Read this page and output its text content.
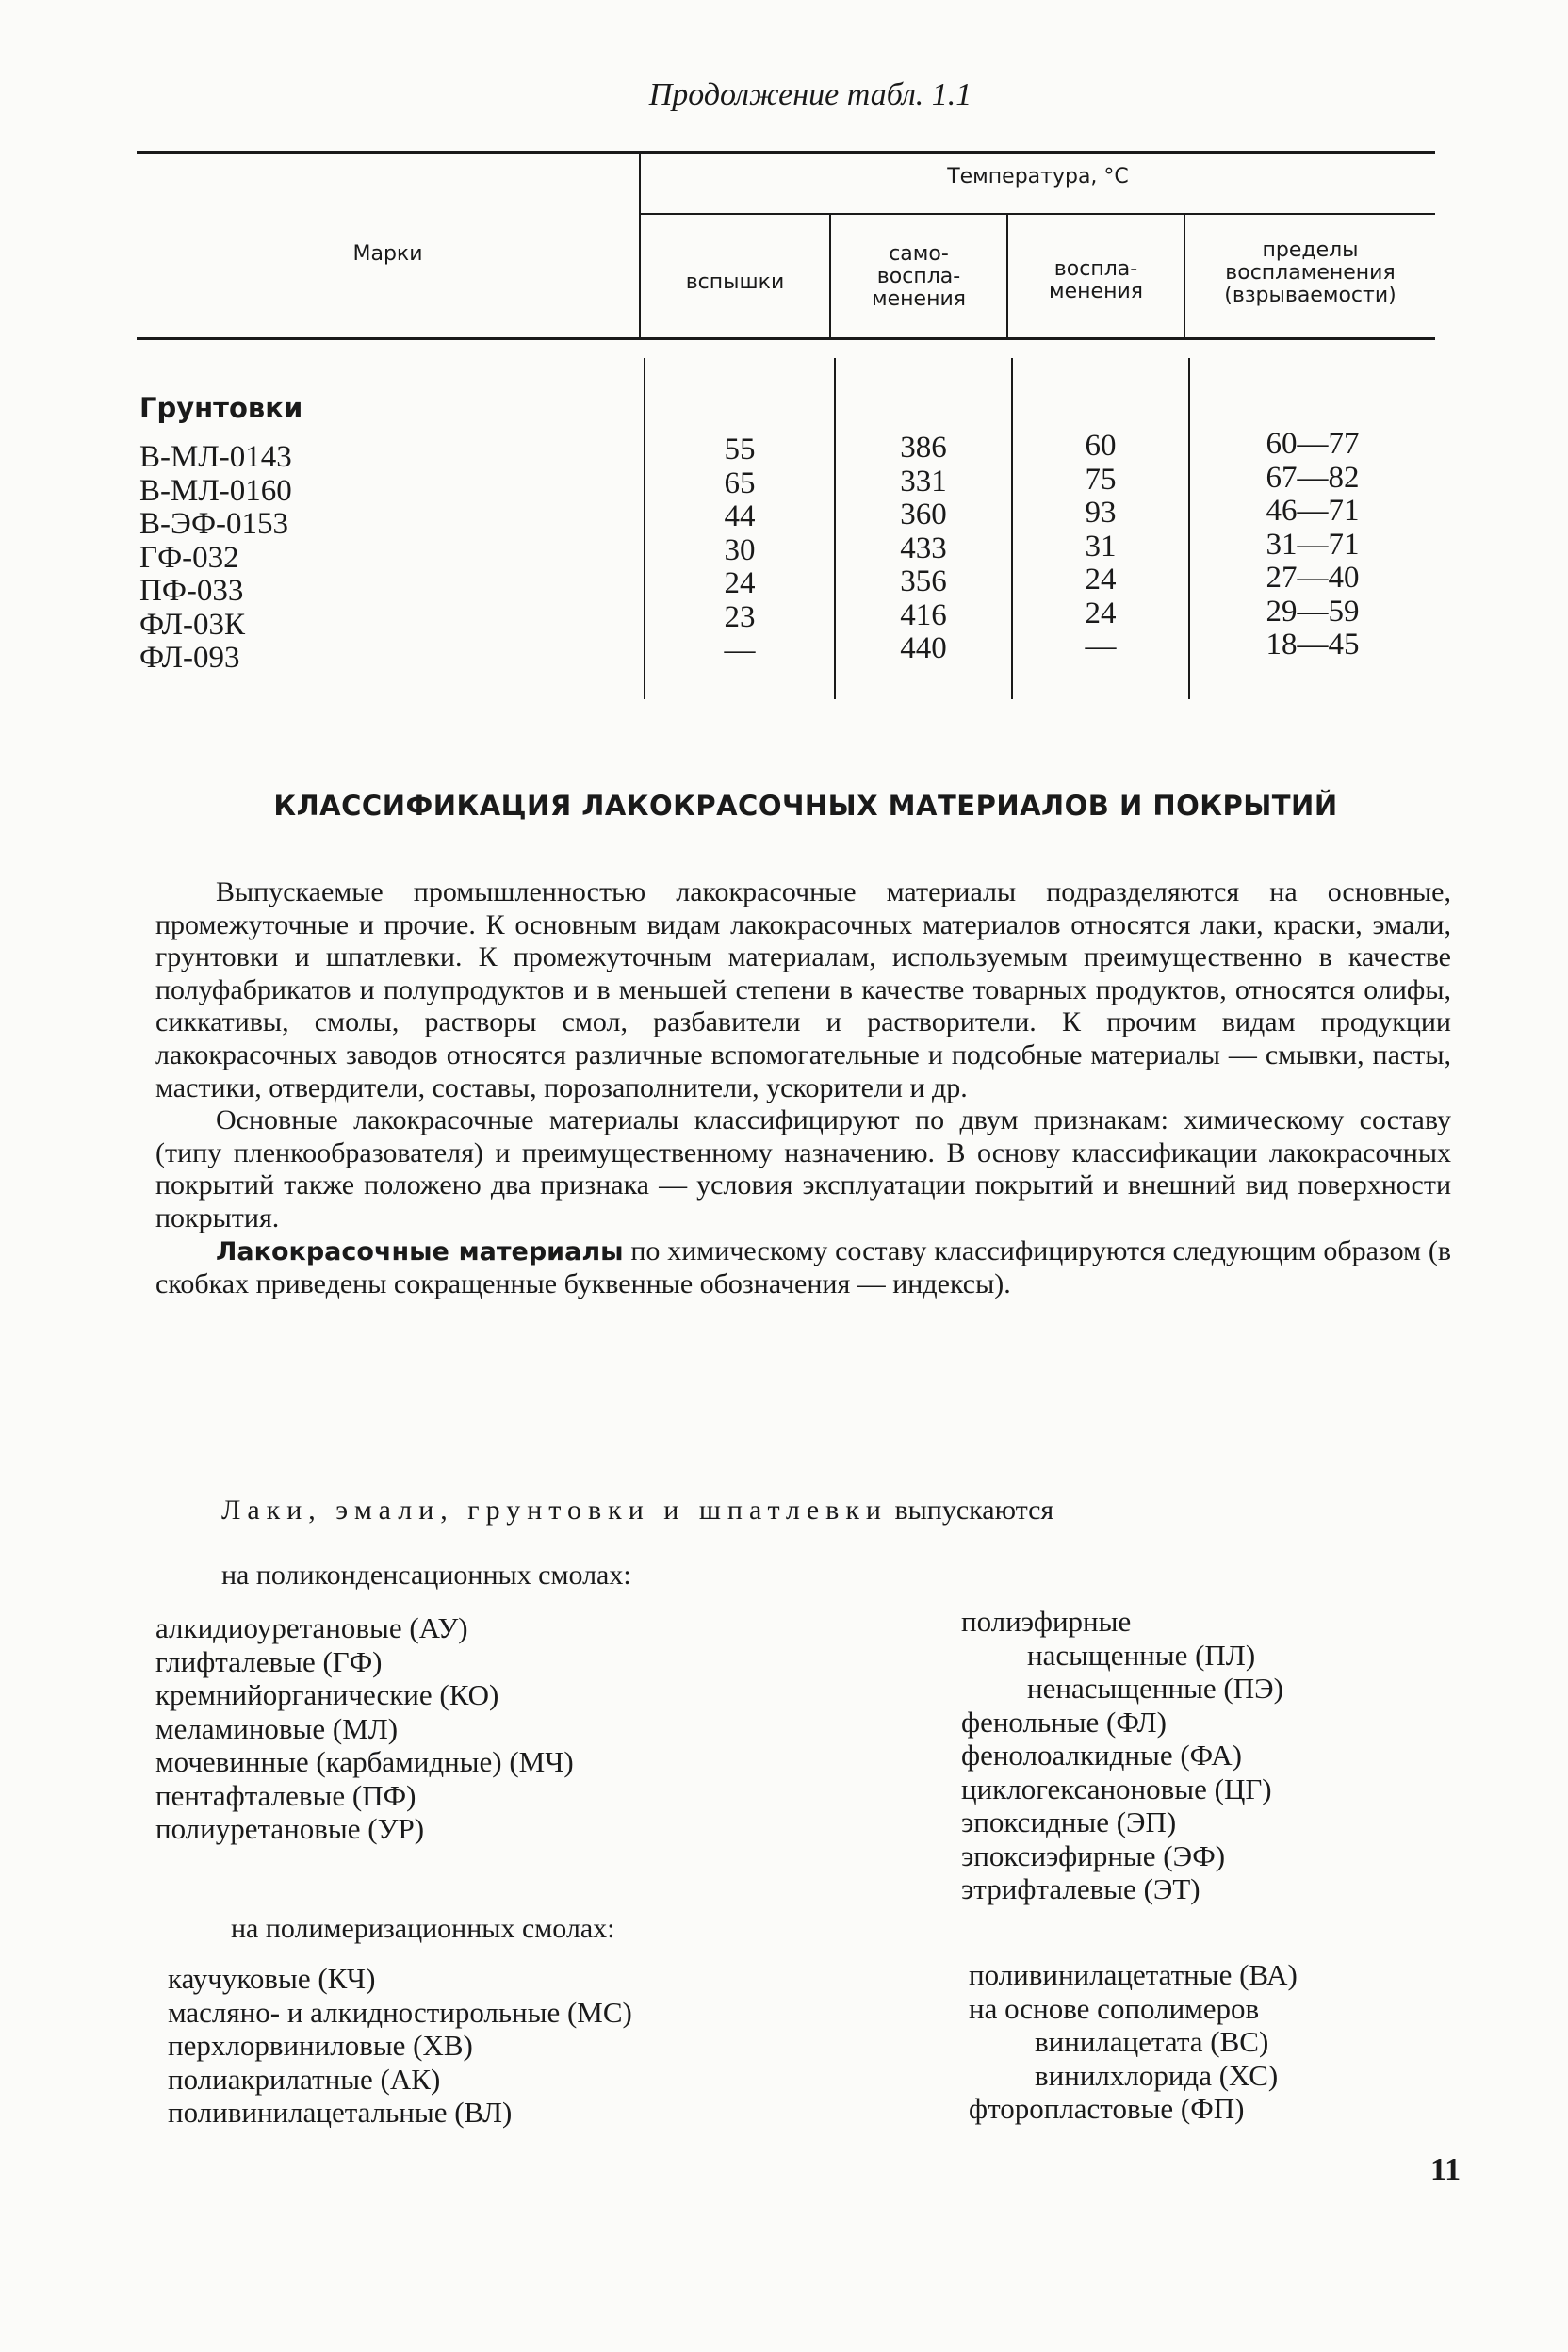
Продолжение табл. 1.1
Марки
Температура, °С
вспышки
само-
воспла-
менения
воспла-
менения
пределы
воспламенения
(взрываемости)
Грунтовки
В-МЛ-0143
В-МЛ-0160
В-ЭФ-0153
ГФ-032
ПФ-033
ФЛ-03К
ФЛ-093
55
65
44
30
24
23
—
386
331
360
433
356
416
440
60
75
93
31
24
24
—
60—77
67—82
46—71
31—71
27—40
29—59
18—45
КЛАССИФИКАЦИЯ ЛАКОКРАСОЧНЫХ МАТЕРИАЛОВ И ПОКРЫТИЙ

Выпускаемые промышленностью лакокрасочные материалы подразделяются на основные, промежуточные и прочие. К основным видам лакокрасочных материалов относятся лаки, краски, эмали, грунтовки и шпатлевки. К промежуточным материалам, используемым преимущественно в качестве полуфабрикатов и полупродуктов и в меньшей степени в качестве товарных продуктов, относятся олифы, сиккативы, смолы, растворы смол, разбавители и растворители. К прочим видам продукции лакокрасочных заводов относятся различные вспомогательные и подсобные материалы — смывки, пасты, мастики, отвердители, составы, порозаполнители, ускорители и др.

Основные лакокрасочные материалы классифицируют по двум признакам: химическому составу (типу пленкообразователя) и преимущественному назначению. В основу классификации лакокрасочных покрытий также положено два признака — условия эксплуатации покрытий и внешний вид поверхности покрытия.

Лакокрасочные материалы по химическому составу классифицируются следующим образом (в скобках приведены сокращенные буквенные обозначения — индексы).

Лаки, эмали, грунтовки и шпатлевки выпускаются
на поликонденсационных смолах:
алкидиоуретановые (АУ)
глифталевые (ГФ)
кремнийорганические (КО)
меламиновые (МЛ)
мочевинные (карбамидные) (МЧ)
пентафталевые (ПФ)
полиуретановые (УР)
полиэфирные
насыщенные (ПЛ)
ненасыщенные (ПЭ)
фенольные (ФЛ)
фенолоалкидные (ФА)
циклогексаноновые (ЦГ)
эпоксидные (ЭП)
эпоксиэфирные (ЭФ)
этрифталевые (ЭТ)
на полимеризационных смолах:
каучуковые (КЧ)
масляно- и алкидностирольные (МС)
перхлорвиниловые (ХВ)
полиакрилатные (АК)
поливинилацетальные (ВЛ)
поливинилацетатные (ВА)
на основе сополимеров
винилацетата (ВС)
винилхлорида (ХС)
фторопластовые (ФП)
11
